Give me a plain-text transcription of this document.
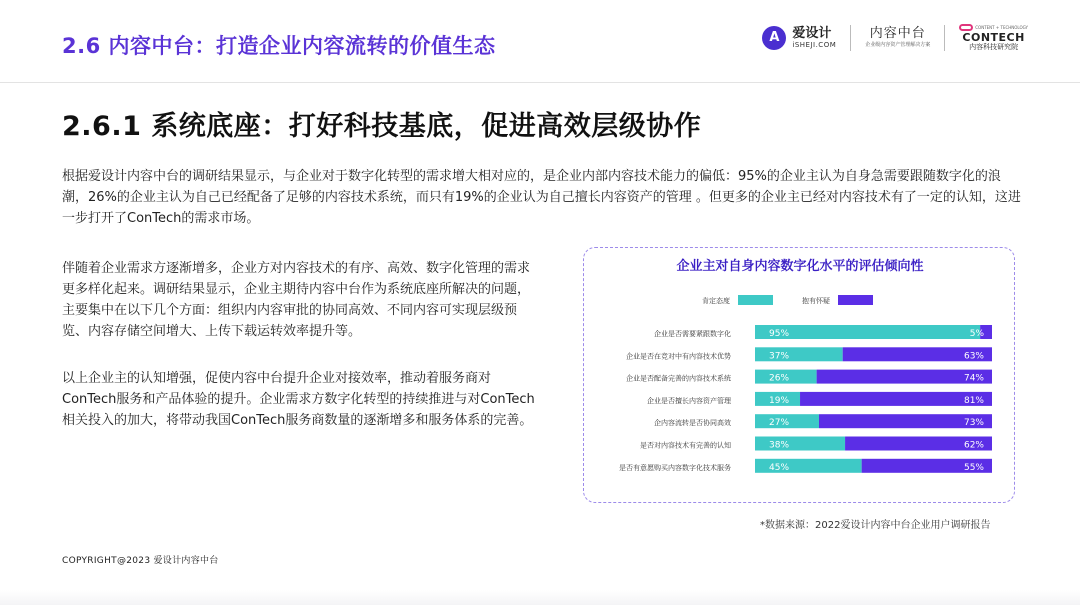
2.6 内容中台：打造企业内容流转的价值生态	A 爱设计
iSHEJI.COM
内容中台
企业级内容资产管理解决方案
CONTENT + TECHNOLOGY
CONTECH
内容科技研究院
2.6.1 系统底座：打好科技基底，促进高效层级协作

根据爱设计内容中台的调研结果显示，与企业对于数字化转型的需求增大相对应的，是企业内部内容技术能力的偏低：95%的企业主认为自身急需要跟随数字化的浪潮，26%的企业主认为自己已经配备了足够的内容技术系统，而只有19%的企业认为自己擅长内容资产的管理 。但更多的企业主已经对内容技术有了一定的认知，这进一步打开了ConTech的需求市场。

伴随着企业需求方逐渐增多，企业方对内容技术的有序、高效、数字化管理的需求更多样化起来。调研结果显示，企业主期待内容中台作为系统底座所解决的问题，主要集中在以下几个方面：组织内内容审批的协同高效、不同内容可实现层级预览、内容存储空间增大、上传下载运转效率提升等。

以上企业主的认知增强，促使内容中台提升企业对接效率，推动着服务商对ConTech服务和产品体验的提升。企业需求方数字化转型的持续推进与对ConTech相关投入的加大，将带动我国ConTech服务商数量的逐渐增多和服务体系的完善。

企业主对自身内容数字化水平的评估倾向性
肯定态度	抱有怀疑
企业是否需要紧跟数字化	95%	5%
企业是否在竞对中有内容技术优势	37%	63%
企业是否配备完善的内容技术系统	26%	74%
企业是否擅长内容资产管理	19%	81%
企内容流转是否协同高效	27%	73%
是否对内容技术有完善的认知	38%	62%
是否有意愿购买内容数字化技术服务	45%	55%
*数据来源：2022爱设计内容中台企业用户调研报告
COPYRIGHT@2023 爱设计内容中台
